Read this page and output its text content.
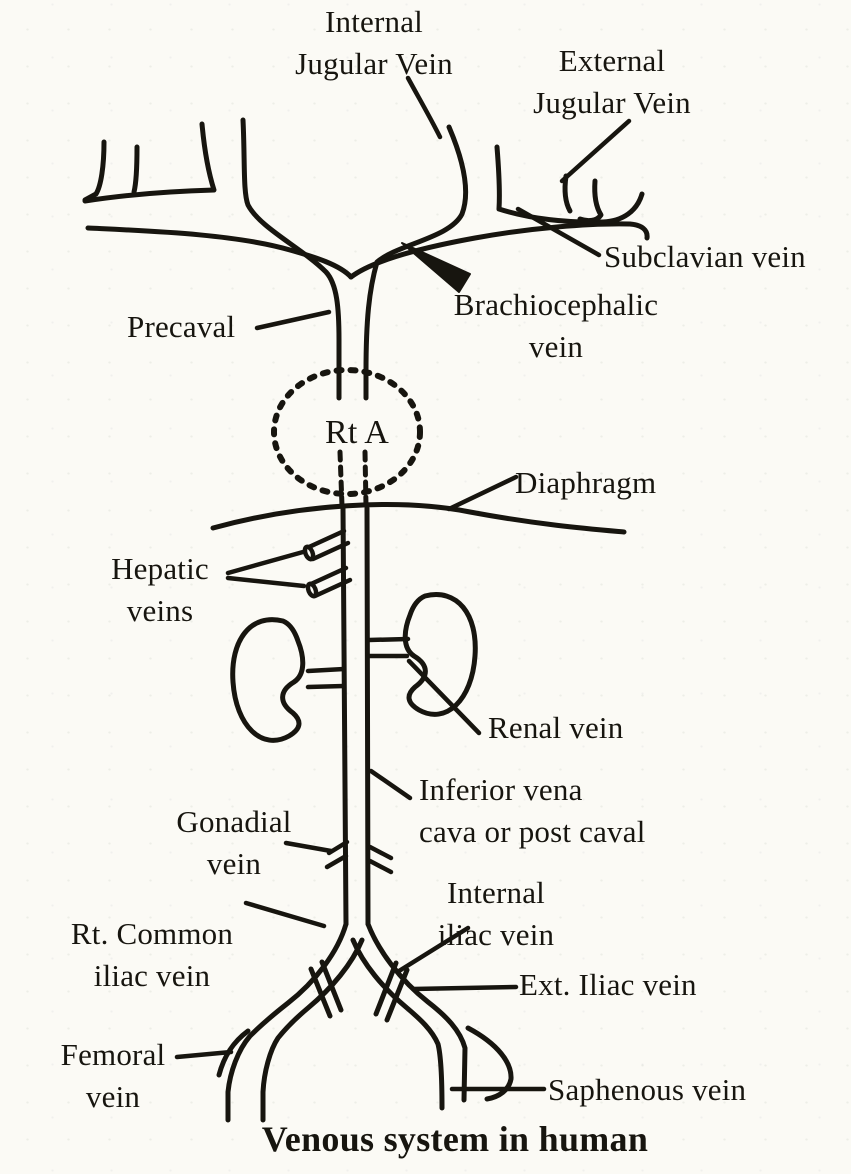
Internal
Jugular Vein	External
Jugular Vein
Subclavian vein
Brachiocephalic
vein
Precaval
Rt A
Diaphragm
Hepatic
veins
Renal vein
Inferior vena
cava or post caval
Gonadial
vein
Internal
iliac vein
Rt. Common
iliac vein	Ext. Iliac vein
Femoral
vein	Saphenous vein
Venous system in human
